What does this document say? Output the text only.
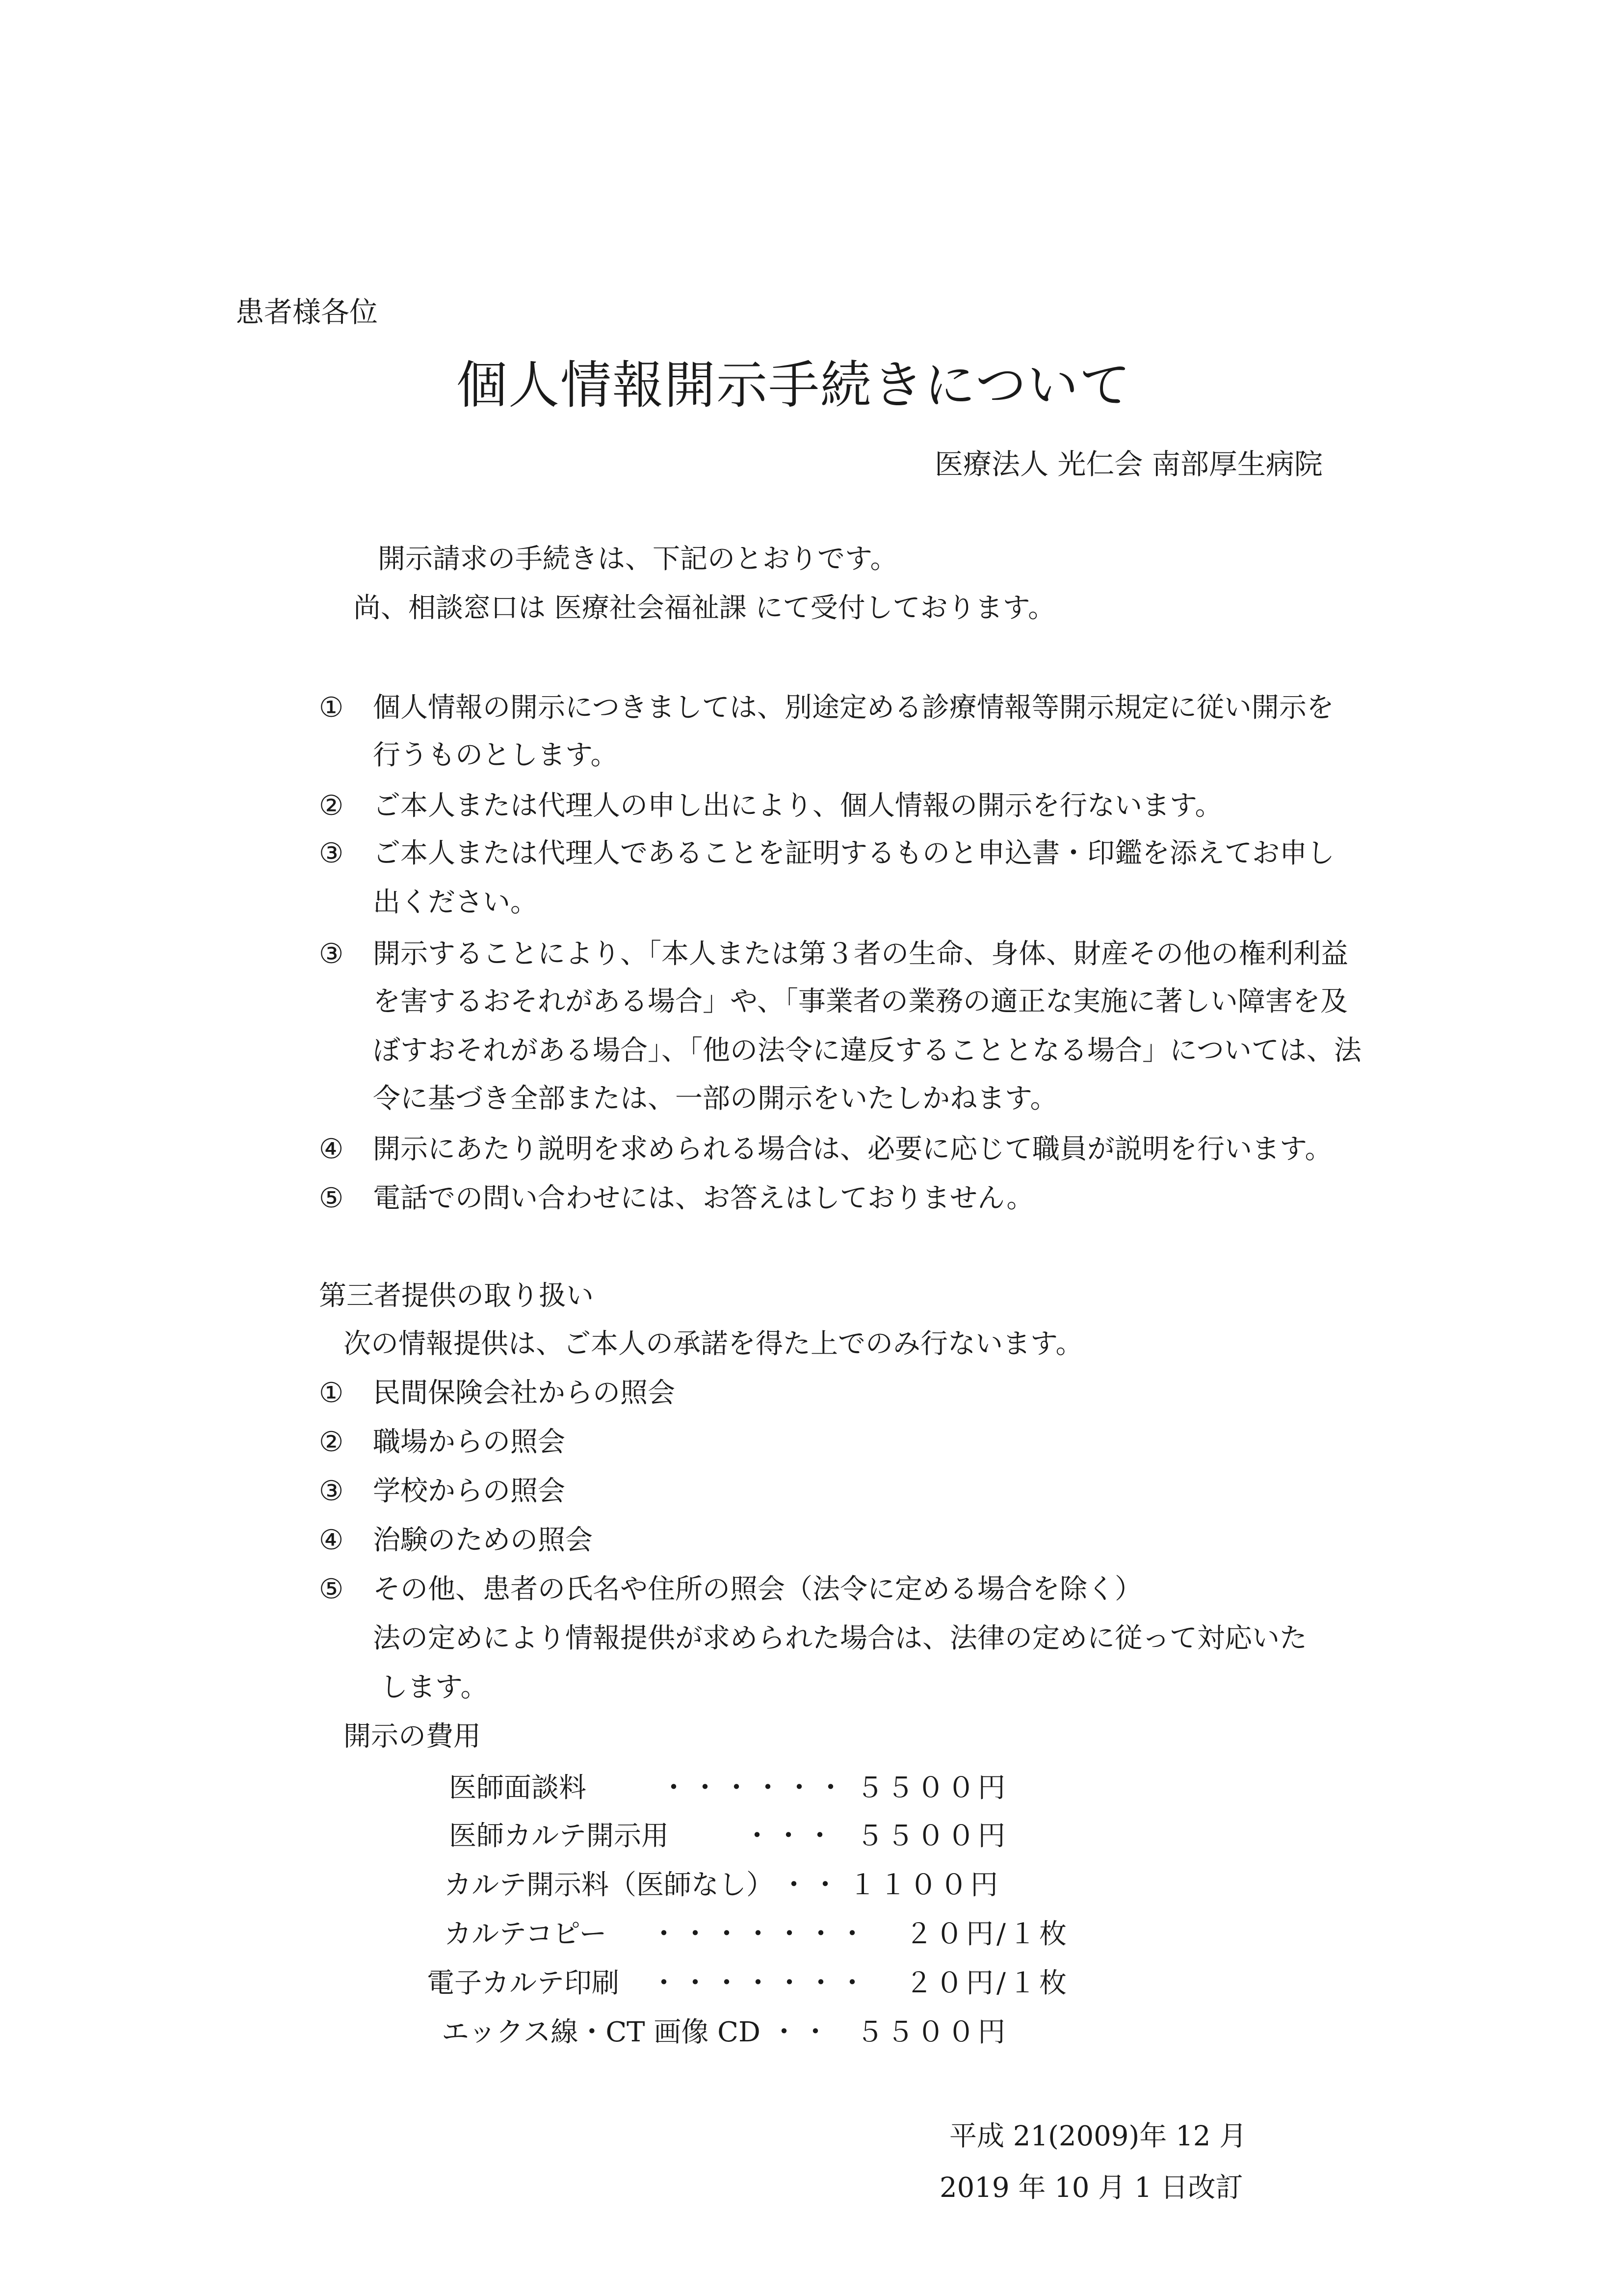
患者様各位
個人情報開示手続きについて
医療法人 光仁会 南部厚生病院
開示請求の手続きは、下記のとおりです。
尚、相談窓口は 医療社会福祉課 にて受付しております。
① 個人情報の開示につきましては、別途定める診療情報等開示規定に従い開示を
行うものとします。
② ご本人または代理人の申し出により、個人情報の開示を行ないます。
③ ご本人または代理人であることを証明するものと申込書・印鑑を添えてお申し
出ください。
③ 開示することにより、「本人または第３者の生命、身体、財産その他の権利利益
を害するおそれがある場合」や、「事業者の業務の適正な実施に著しい障害を及
ぼすおそれがある場合」、「他の法令に違反することとなる場合」については、法
令に基づき全部または、一部の開示をいたしかねます。
④ 開示にあたり説明を求められる場合は、必要に応じて職員が説明を行います。
⑤ 電話での問い合わせには、お答えはしておりません。
第三者提供の取り扱い
次の情報提供は、ご本人の承諾を得た上でのみ行ないます。
① 民間保険会社からの照会
② 職場からの照会
③ 学校からの照会
④ 治験のための照会
⑤ その他、患者の氏名や住所の照会（法令に定める場合を除く）
法の定めにより情報提供が求められた場合は、法律の定めに従って対応いた
します。
開示の費用
医師面談料	・・・・・・ ５５００円
医師カルテ開示用	・・・ ５５００円
カルテ開示料（医師なし） ・・ １１００円
カルテコピー ・・・・・・・ ２０円/１枚
電子カルテ印刷 ・・・・・・・ ２０円/１枚
エックス線・CT 画像 CD ・・ ５５００円
平成 21(2009)年 12 月
2019 年 10 月 1 日改訂
